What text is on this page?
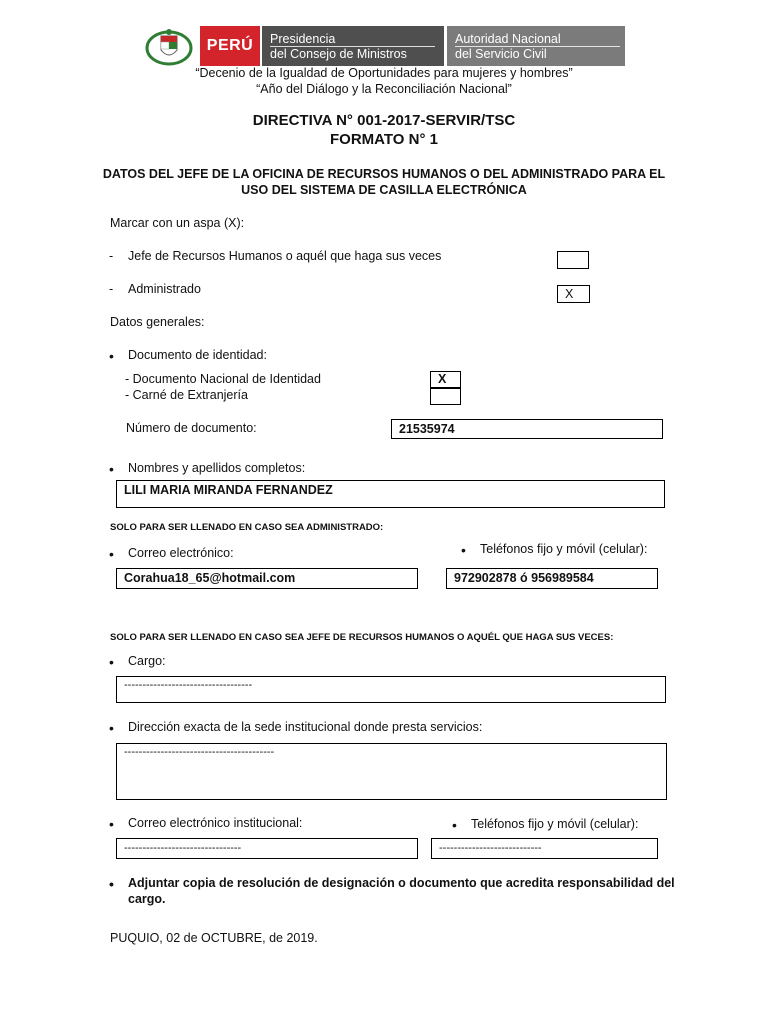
PERÚ	Presidencia
del Consejo de Ministros
Autoridad Nacional
del Servicio Civil
“Decenio de la Igualdad de Oportunidades para mujeres y hombres”
“Año del Diálogo y la Reconciliación Nacional”
DIRECTIVA N° 001-2017-SERVIR/TSC
FORMATO N° 1
DATOS DEL JEFE DE LA OFICINA DE RECURSOS HUMANOS O DEL ADMINISTRADO PARA EL
USO DEL SISTEMA DE CASILLA ELECTRÓNICA
Marcar con un aspa (X):
- Jefe de Recursos Humanos o aquél que haga sus veces
- Administrado	X
Datos generales:
• Documento de identidad:
- Documento Nacional de Identidad	X
- Carné de Extranjería
Número de documento:	21535974
• Nombres y apellidos completos:
LILI MARIA MIRANDA FERNANDEZ
SOLO PARA SER LLENADO EN CASO SEA ADMINISTRADO:
• Correo electrónico:	• Teléfonos fijo y móvil (celular):
Corahua18_65@hotmail.com	972902878 ó 956989584
SOLO PARA SER LLENADO EN CASO SEA JEFE DE RECURSOS HUMANOS O AQUÉL QUE HAGA SUS VECES:
• Cargo:
-----------------------------------
• Dirección exacta de la sede institucional donde presta servicios:
-----------------------------------------
• Correo electrónico institucional:	• Teléfonos fijo y móvil (celular):
--------------------------------	----------------------------
• Adjuntar copia de resolución de designación o documento que acredita responsabilidad del
cargo.
PUQUIO, 02 de OCTUBRE, de 2019.
